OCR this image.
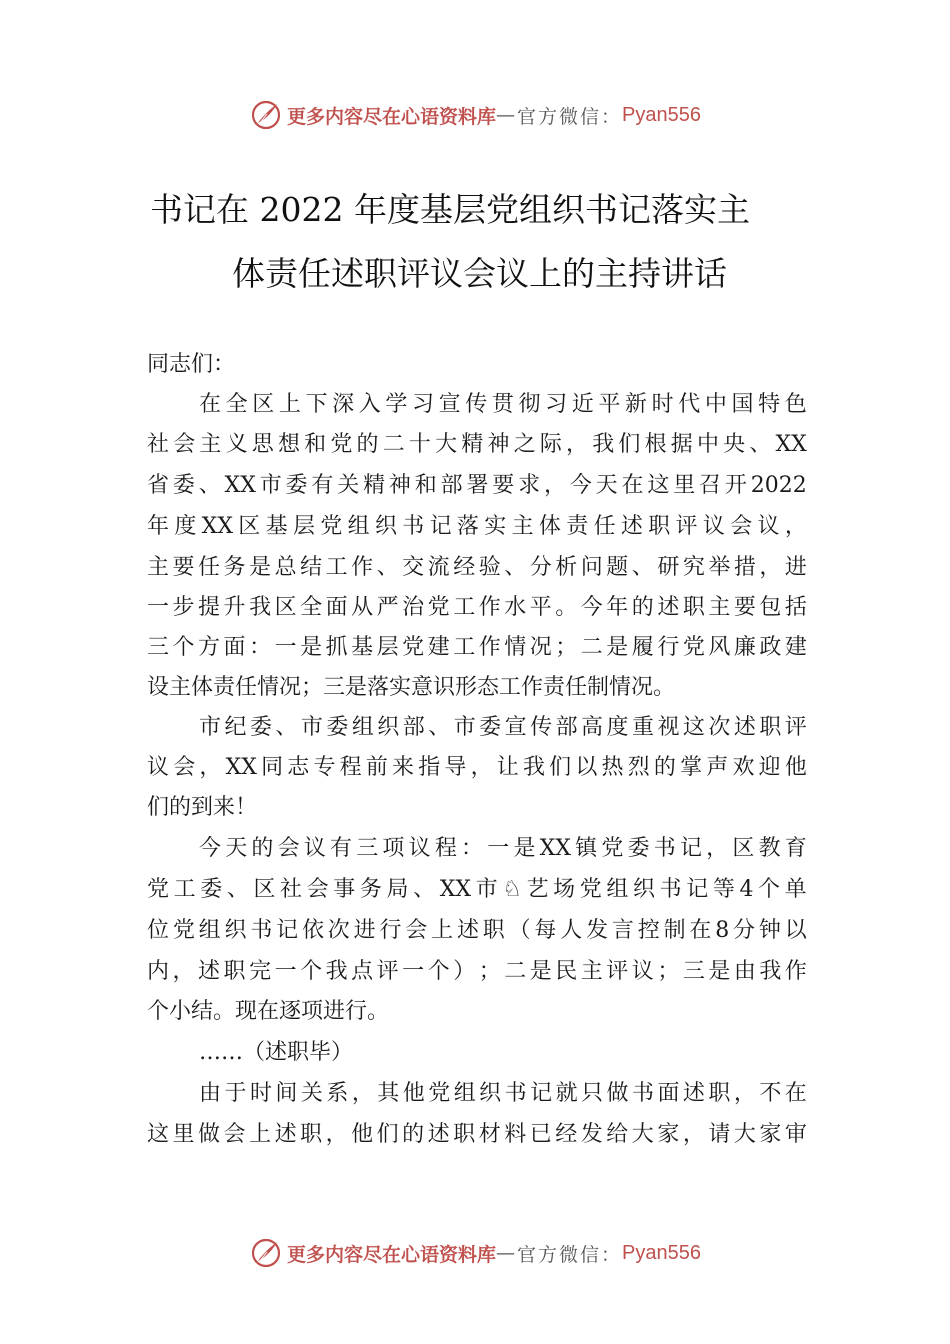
更多内容尽在心语资料库 — 官方微信： Pyan556
书记在 2022 年度基层党组织书记落实主
体责任述职评议会议上的主持讲话
同志们：
在 全 区 上 下 深 入 学 习 宣 传 贯 彻 习 近 平 新 时 代 中 国 特 色
社 会 主 义 思 想 和 党 的 二 十 大 精 神 之 际 ， 我 们 根 据 中 央 、 XX
省 委 、 XX 市 委 有 关 精 神 和 部 署 要 求 ， 今 天 在 这 里 召 开 2022
年 度 XX 区 基 层 党 组 织 书 记 落 实 主 体 责 任 述 职 评 议 会 议 ，
主 要 任 务 是 总 结 工 作 、 交 流 经 验 、 分 析 问 题 、 研 究 举 措 ， 进
一 步 提 升 我 区 全 面 从 严 治 党 工 作 水 平 。 今 年 的 述 职 主 要 包 括
三 个 方 面 ： 一 是 抓 基 层 党 建 工 作 情 况 ； 二 是 履 行 党 风 廉 政 建
设主体责任情况；三是落实意识形态工作责任制情况。
市 纪 委 、 市 委 组 织 部 、 市 委 宣 传 部 高 度 重 视 这 次 述 职 评
议 会 ， XX 同 志 专 程 前 来 指 导 ， 让 我 们 以 热 烈 的 掌 声 欢 迎 他
们的到来！
今 天 的 会 议 有 三 项 议 程 ： 一 是 XX 镇 党 委 书 记 ， 区 教 育
党 工 委 、 区 社 会 事 务 局 、 XX 市 ♘ 艺 场 党 组 织 书 记 等 4 个 单
位 党 组 织 书 记 依 次 进 行 会 上 述 职 （ 每 人 发 言 控 制 在 8 分 钟 以
内 ， 述 职 完 一 个 我 点 评 一 个 ） ； 二 是 民 主 评 议 ； 三 是 由 我 作
个小结。现在逐项进行。
……（述职毕）
由 于 时 间 关 系 ， 其 他 党 组 织 书 记 就 只 做 书 面 述 职 ， 不 在
这 里 做 会 上 述 职 ， 他 们 的 述 职 材 料 已 经 发 给 大 家 ， 请 大 家 审
更多内容尽在心语资料库 — 官方微信： Pyan556
